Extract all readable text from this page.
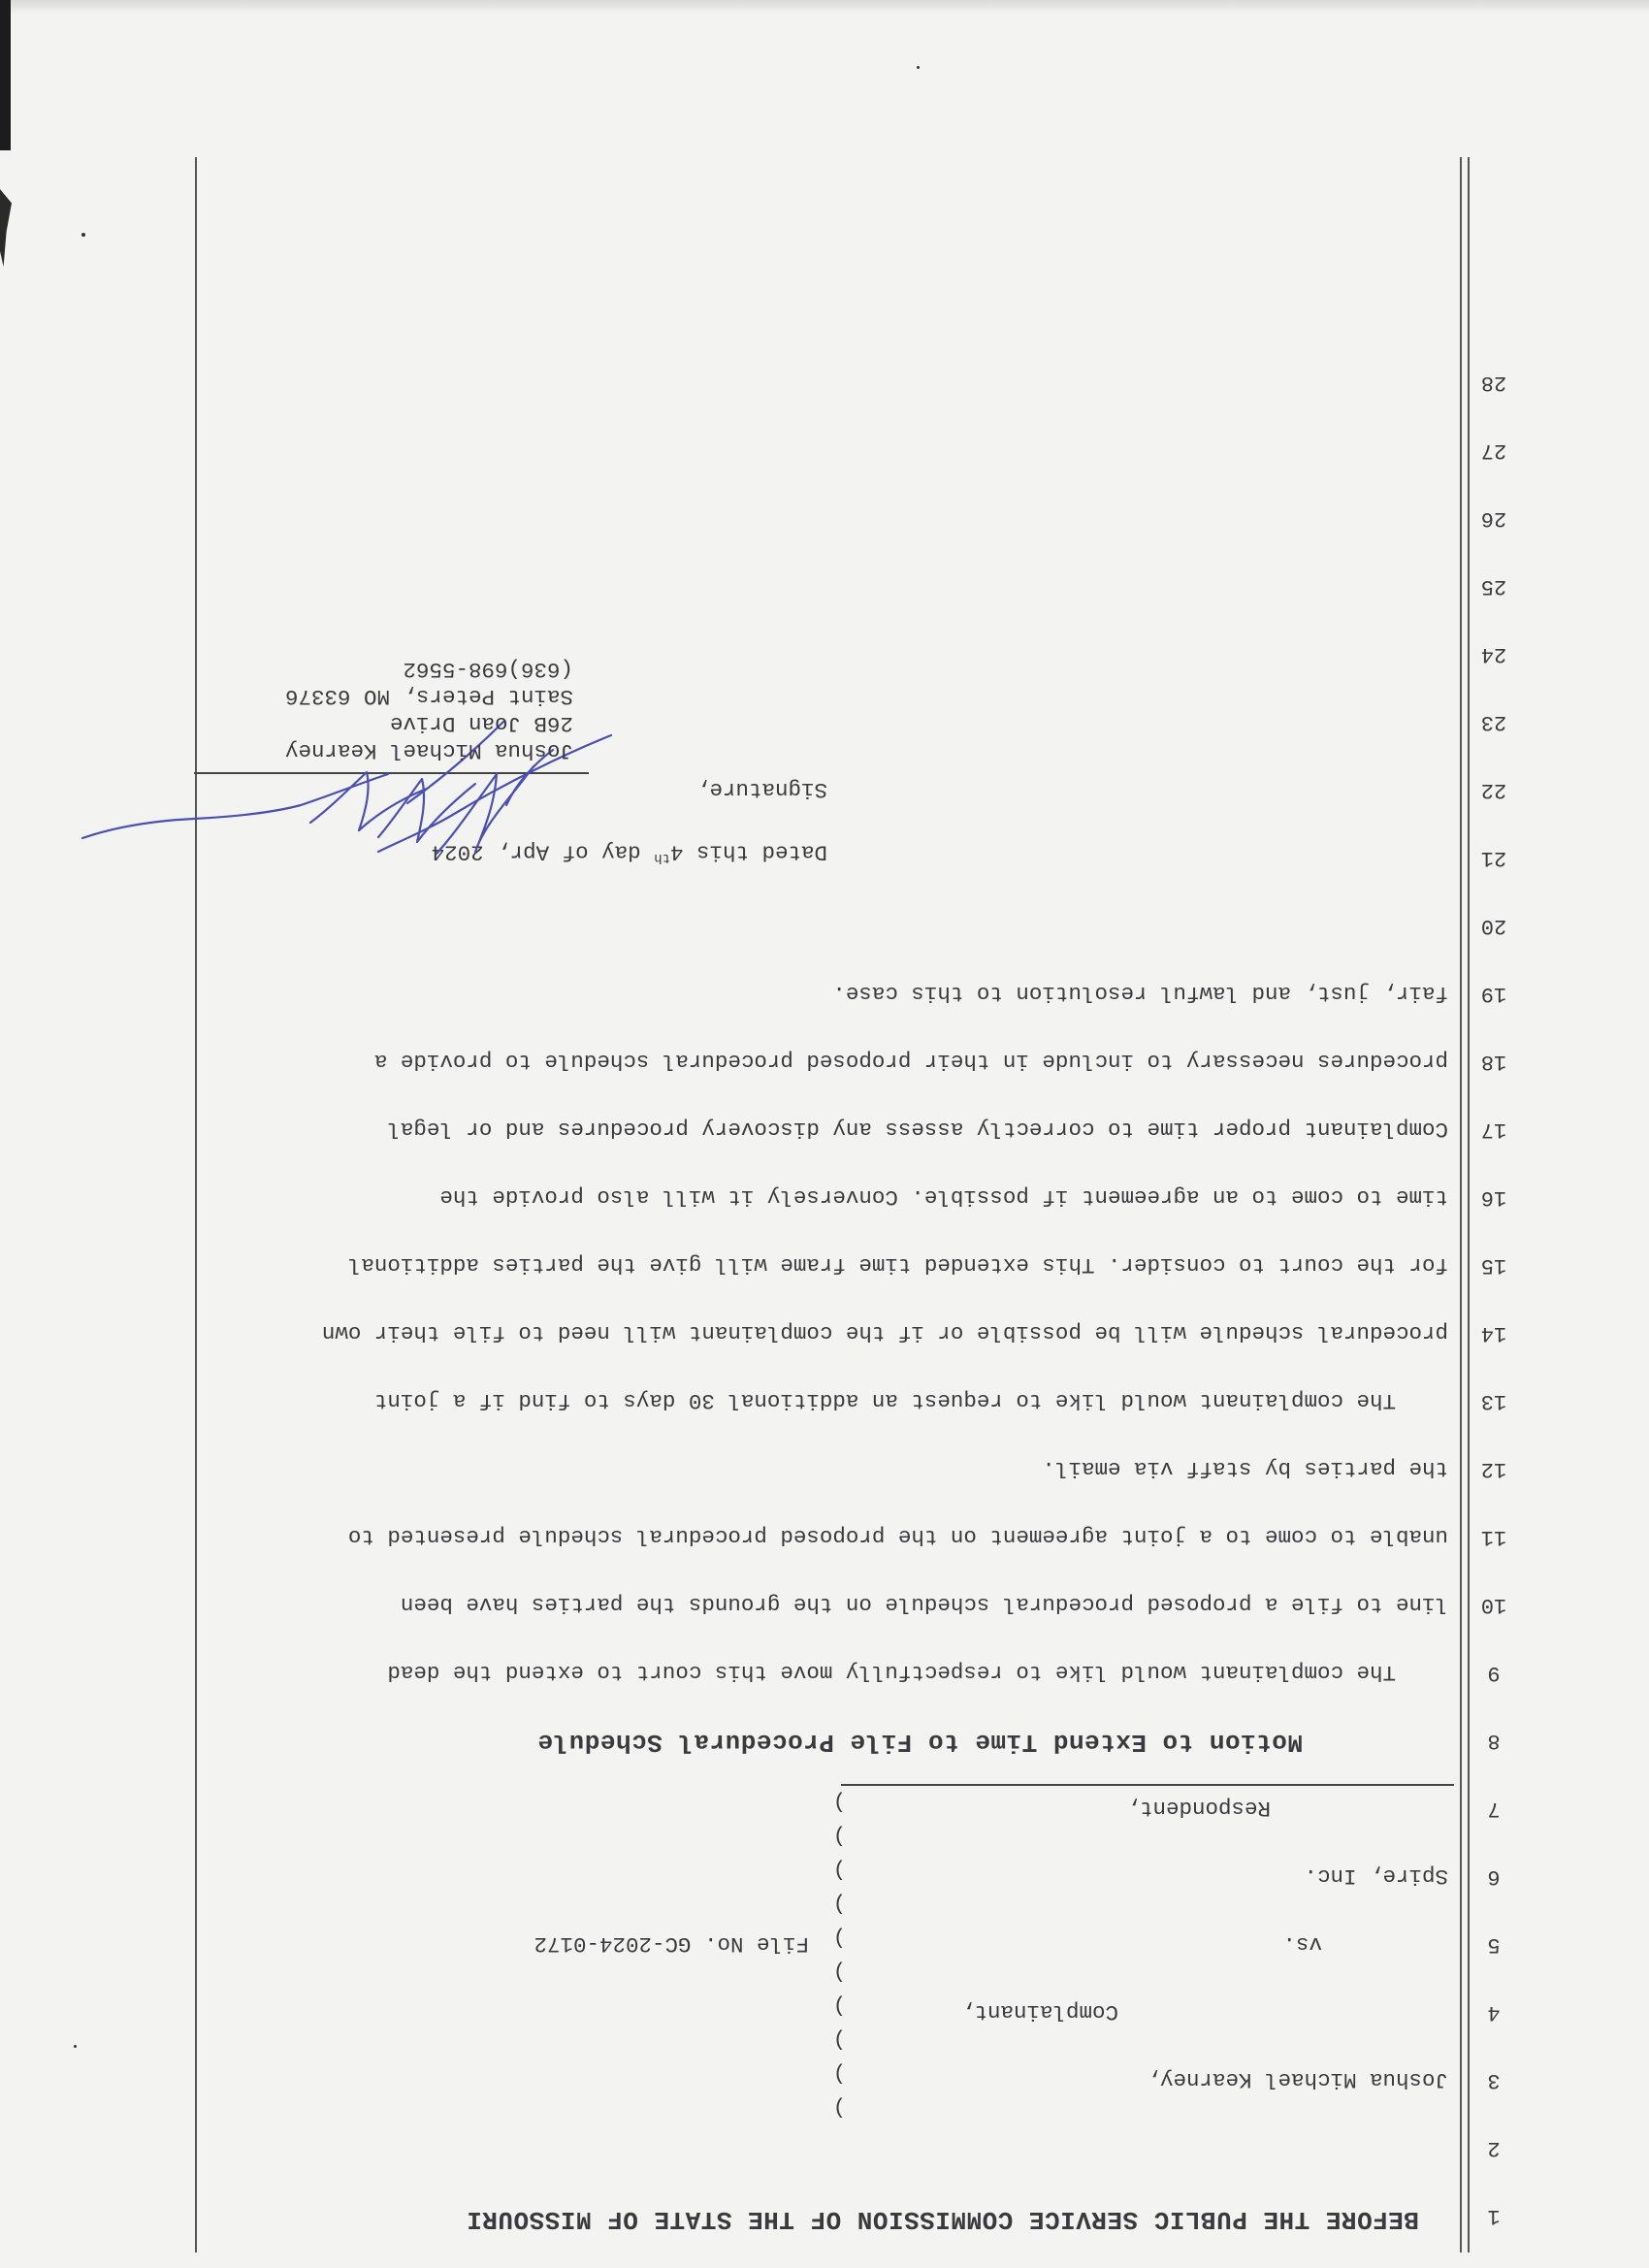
1
2
3
4
5
6
7
8
9
10
11
12
13
14
15
16
17
18
19
20
21
22
23
24
25
26
27
28
BEFORE THE PUBLIC SERVICE COMMISSION OF THE STATE OF MISSOURI
Joshua Michael Kearney,
Complainant,
vs.
File No. GC-2024-0172
Spire, Inc.
Respondent,
)
)
)
)
)
)
)
)
)
)
Motion to Extend Time to File Procedural Schedule
The complainant would like to respectfully move this court to extend the dead
line to file a proposed procedural schedule on the grounds the parties have been
unable to come to a joint agreement on the proposed procedural schedule presented to
the parties by staff via email.
The complainant would like to request an additional 30 days to find if a joint
procedural schedule will be possible or if the complainant will need to file their own
for the court to consider. This extended time frame will give the parties additional
time to come to an agreement if possible. Conversely it will also provide the
Complainant proper time to correctly assess any discovery procedures and or legal
procedures necessary to include in their proposed procedural schedule to provide a
fair, just, and lawful resolution to this case.
Dated this 4th day of Apr, 2024
Signature,
Joshua Michael Kearney
26B Joan Drive
Saint Peters, MO 63376
(636)698-5562
